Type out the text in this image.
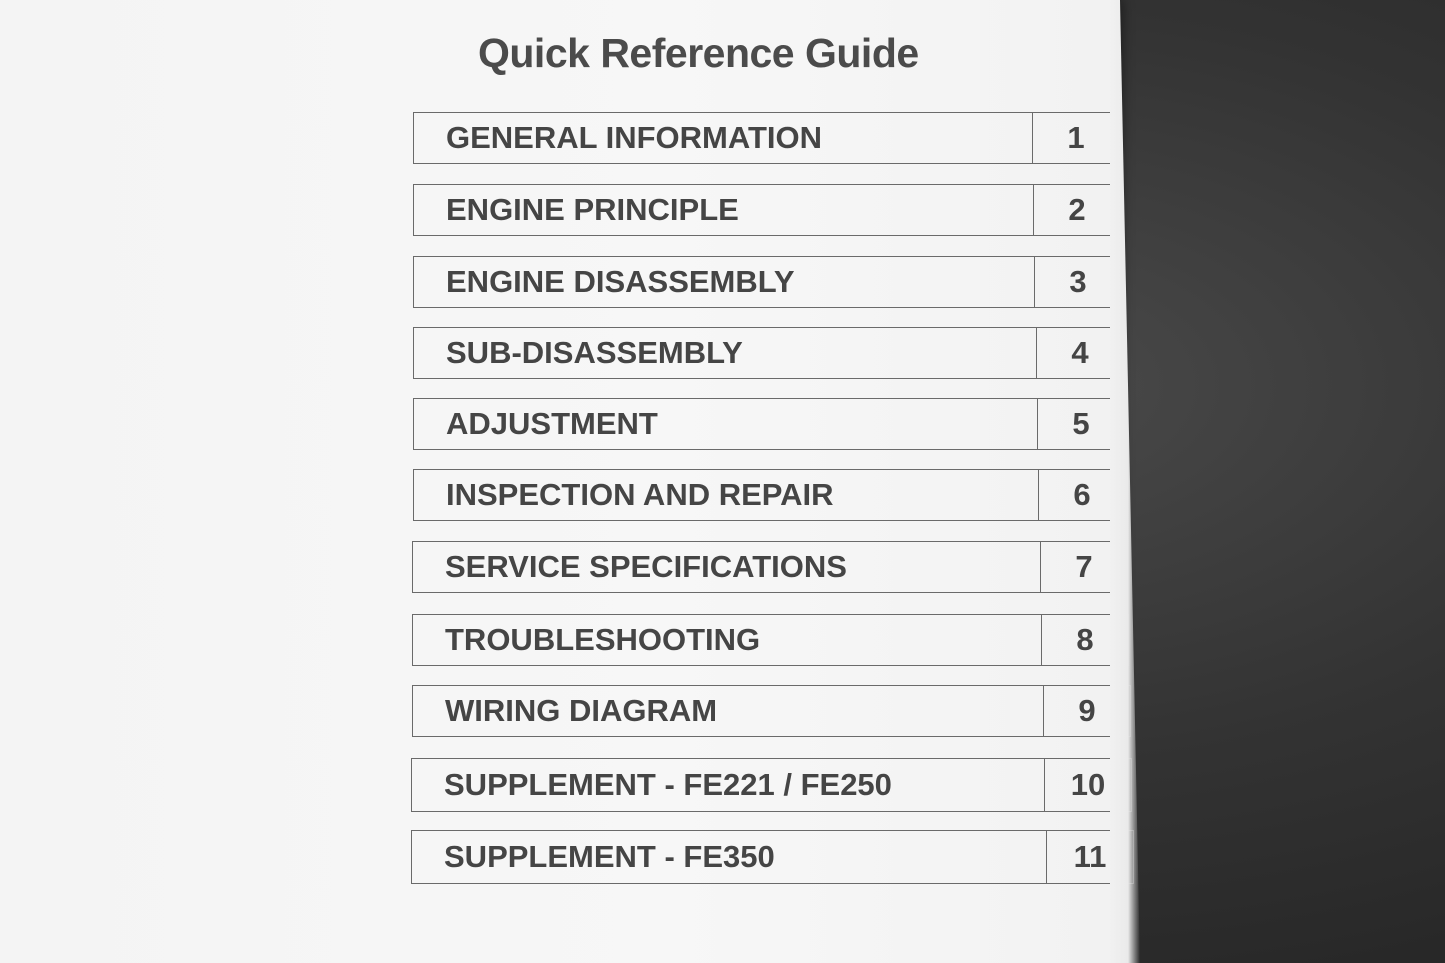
Quick Reference Guide
GENERAL INFORMATION	1
ENGINE PRINCIPLE	2
ENGINE DISASSEMBLY	3
SUB-DISASSEMBLY	4
ADJUSTMENT	5
INSPECTION AND REPAIR	6
SERVICE SPECIFICATIONS	7
TROUBLESHOOTING	8
WIRING DIAGRAM	9
SUPPLEMENT - FE221 / FE250	10
SUPPLEMENT - FE350	11
